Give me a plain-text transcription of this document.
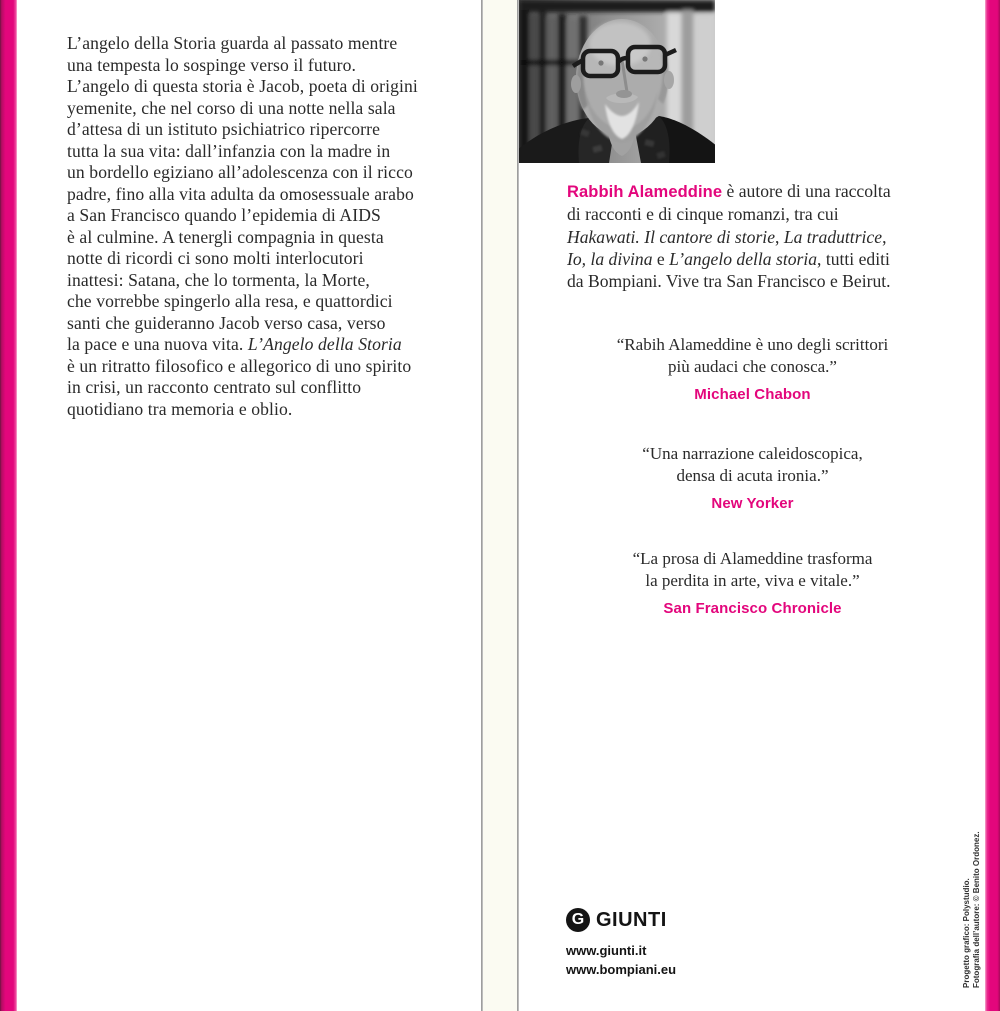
L’angelo della Storia guarda al passato mentre
una tempesta lo sospinge verso il futuro.
L’angelo di questa storia è Jacob, poeta di origini
yemenite, che nel corso di una notte nella sala
d’attesa di un istituto psichiatrico ripercorre
tutta la sua vita: dall’infanzia con la madre in
un bordello egiziano all’adolescenza con il ricco
padre, fino alla vita adulta da omosessuale arabo
a San Francisco quando l’epidemia di AIDS
è al culmine. A tenergli compagnia in questa
notte di ricordi ci sono molti interlocutori
inattesi: Satana, che lo tormenta, la Morte,
che vorrebbe spingerlo alla resa, e quattordici
santi che guideranno Jacob verso casa, verso
la pace e una nuova vita. L’Angelo della Storia
è un ritratto filosofico e allegorico di uno spirito
in crisi, un racconto centrato sul conflitto
quotidiano tra memoria e oblio.
Rabbih Alameddine è autore di una raccolta
di racconti e di cinque romanzi, tra cui
Hakawati. Il cantore di storie, La traduttrice,
Io, la divina e L’angelo della storia, tutti editi
da Bompiani. Vive tra San Francisco e Beirut.
“Rabih Alameddine è uno degli scrittori
più audaci che conosca.”
Michael Chabon
“Una narrazione caleidoscopica,
densa di acuta ironia.”
New Yorker
“La prosa di Alameddine trasforma
la perdita in arte, viva e vitale.”
San Francisco Chronicle
G GIUNTI
www.giunti.it
www.bompiani.eu	Progetto grafico: Polystudio. Fotografia dell’autore: © Benito Ordonez.
